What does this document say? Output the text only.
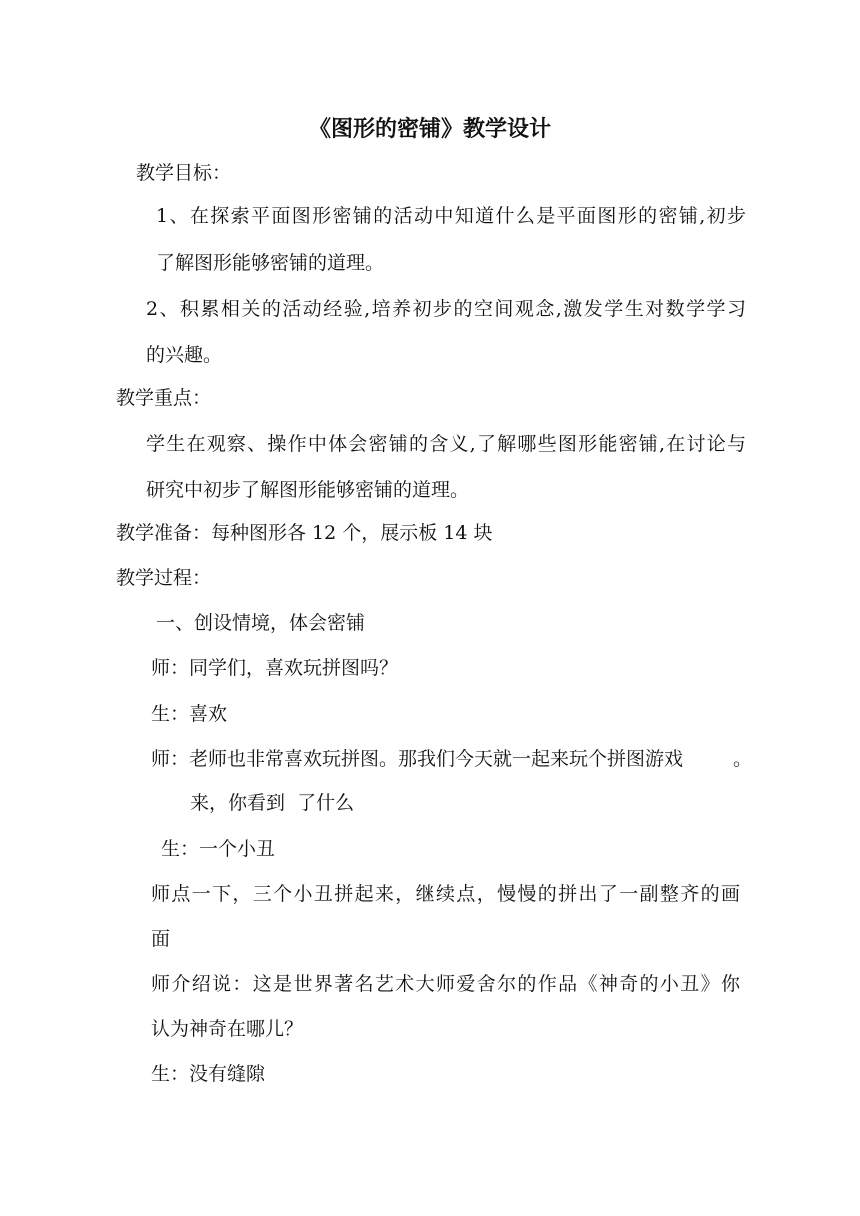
《图形的密铺》教学设计
教学目标：
1、在探索平面图形密铺的活动中知道什么是平面图形的密铺,初步
了解图形能够密铺的道理。
2、积累相关的活动经验,培养初步的空间观念,激发学生对数学学习
的兴趣。
教学重点：
学生在观察、操作中体会密铺的含义,了解哪些图形能密铺,在讨论与
研究中初步了解图形能够密铺的道理。
教学准备：每种图形各 12 个，展示板 14 块
教学过程：
一、创设情境，体会密铺
师：同学们，喜欢玩拼图吗？
生：喜欢
师：老师也非常喜欢玩拼图。那我们今天就一起来玩个拼图游戏	。
来，你看到  了什么
生：一个小丑
师点一下，三个小丑拼起来，继续点，慢慢的拼出了一副整齐的画
面
师介绍说：这是世界著名艺术大师爱舍尔的作品《神奇的小丑》你
认为神奇在哪儿？
生：没有缝隙
